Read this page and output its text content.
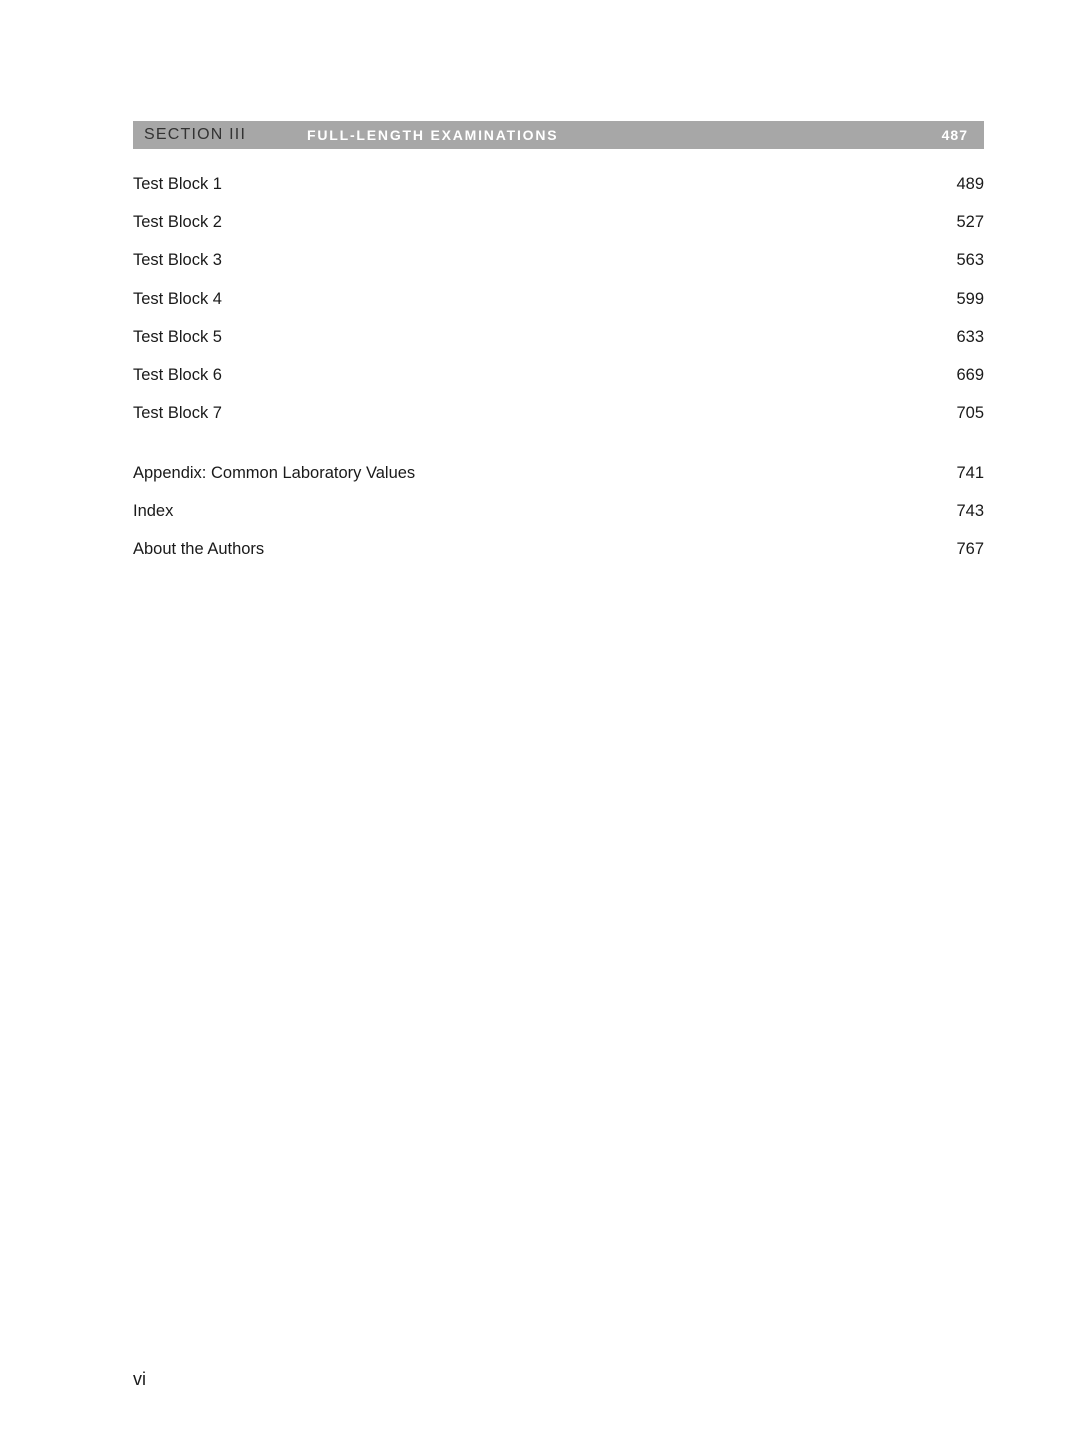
SECTION III	FULL-LENGTH EXAMINATIONS	487
Test Block 1	489
Test Block 2	527
Test Block 3	563
Test Block 4	599
Test Block 5	633
Test Block 6	669
Test Block 7	705
Appendix: Common Laboratory Values	741
Index	743
About the Authors	767
vi
